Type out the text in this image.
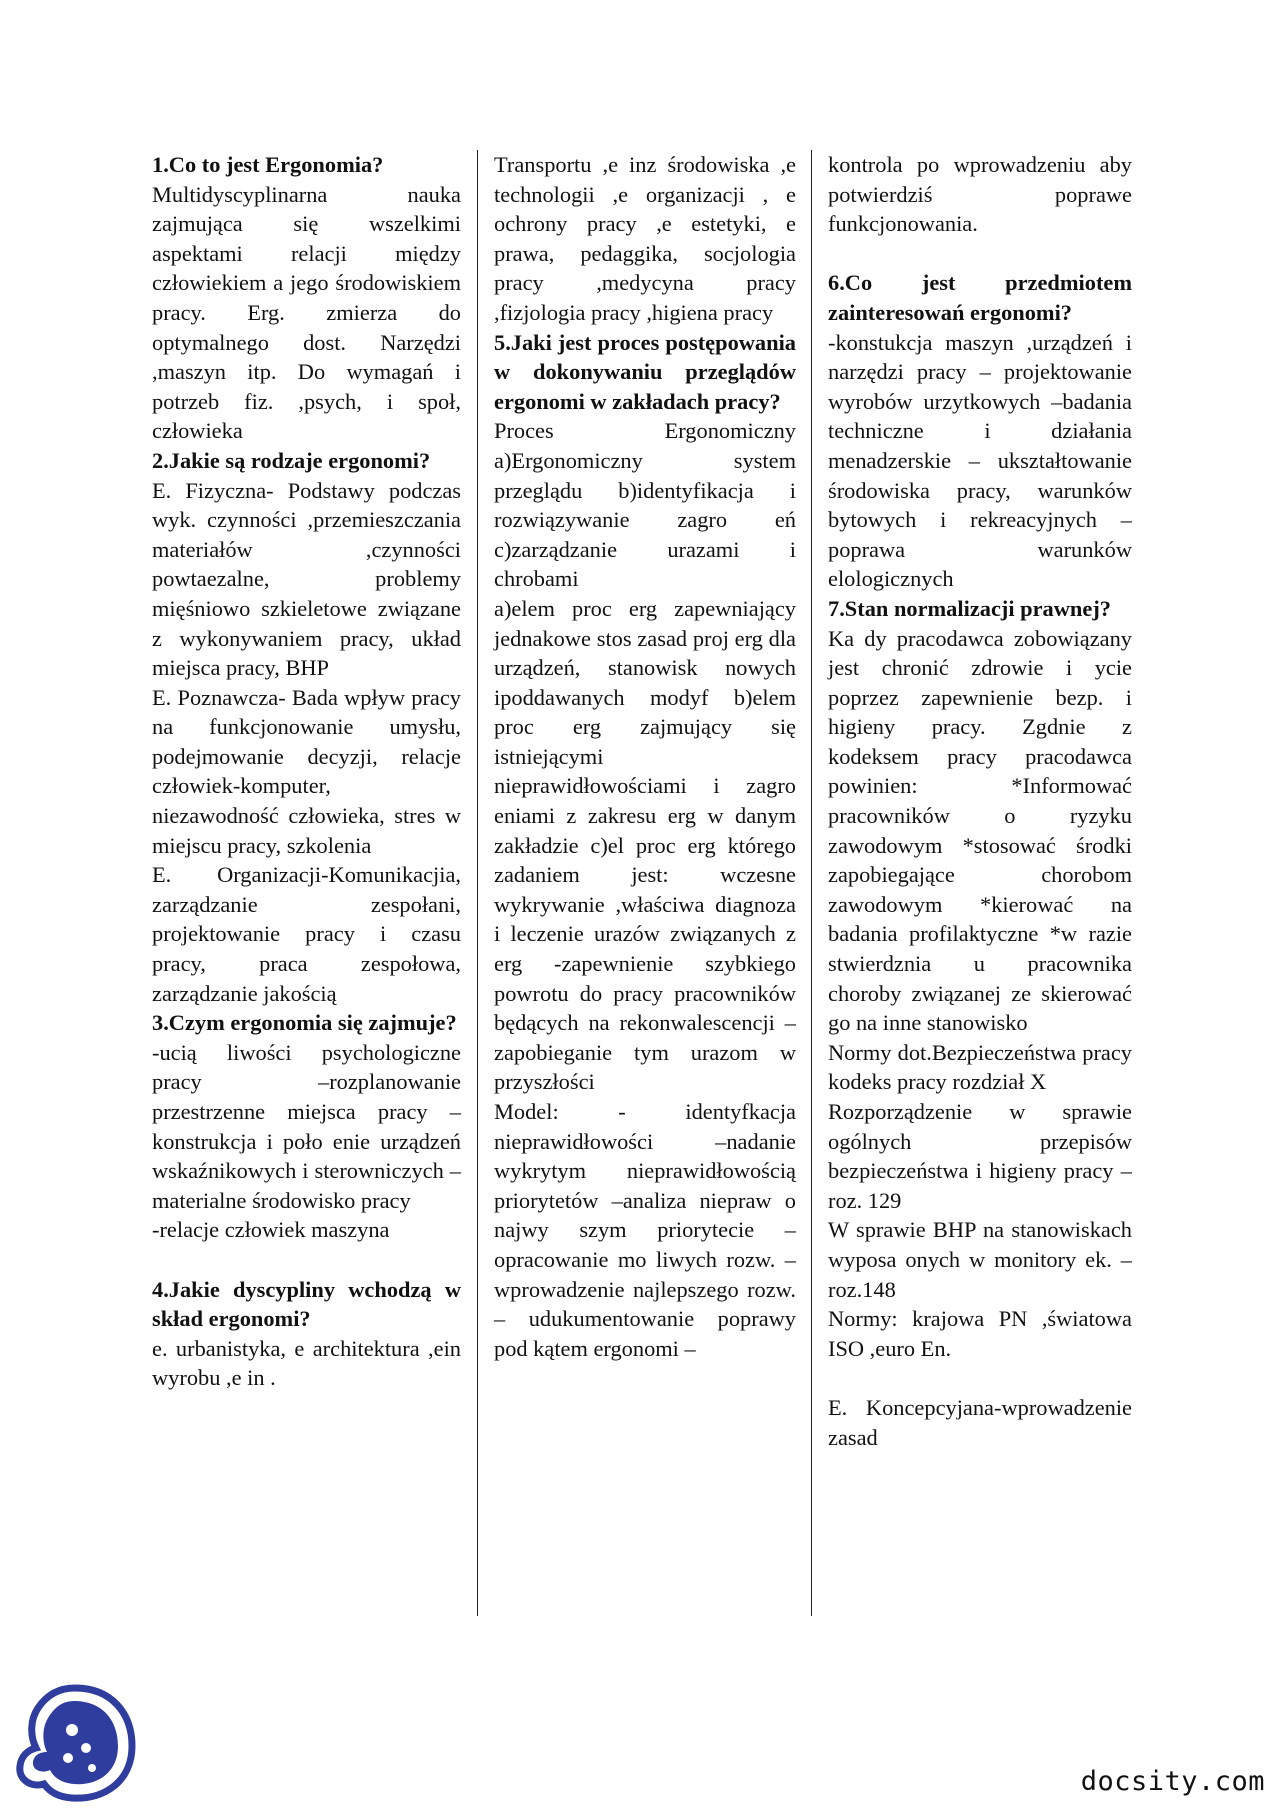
1.Co to jest Ergonomia?

Multidyscyplinarna nauka zajmująca się wszelkimi aspektami relacji między człowiekiem a jego środowiskiem pracy. Erg. zmierza do optymalnego dost. Narzędzi ,maszyn itp. Do wymagań i potrzeb fiz. ,psych, i społ, człowieka

2.Jakie są rodzaje ergonomi?

E. Fizyczna- Podstawy podczas wyk. czynności ,przemieszczania materiałów ,czynności powtaezalne, problemy mięśniowo szkieletowe związane z wykonywaniem pracy, układ miejsca pracy, BHP

E. Poznawcza- Bada wpływ pracy na funkcjonowanie umysłu, podejmowanie decyzji, relacje człowiek-komputer, niezawodność człowieka, stres w miejscu pracy, szkolenia

E. Organizacji-Komunikacjia, zarządzanie zespołani, projektowanie pracy i czasu pracy, praca zespołowa, zarządzanie jakością

3.Czym ergonomia się zajmuje?

-ucią liwości psychologiczne pracy –rozplanowanie przestrzenne miejsca pracy – konstrukcja i poło enie urządzeń wskaźnikowych i sterowniczych –materialne środowisko pracy

-relacje człowiek maszyna

4.Jakie dyscypliny wchodzą w skład ergonomi?

e. urbanistyka, e architektura ,ein wyrobu ,e in .

Transportu ,e inz środowiska ,e technologii ,e organizacji , e ochrony pracy ,e estetyki, e prawa, pedaggika, socjologia pracy ,medycyna pracy ,fizjologia pracy ,higiena pracy

5.Jaki jest proces postępowania w dokonywaniu przeglądów ergonomi w zakładach pracy?

Proces Ergonomiczny a)Ergonomiczny system przeglądu b)identyfikacja i rozwiązywanie zagro eń c)zarządzanie urazami i chrobami

a)elem proc erg zapewniający jednakowe stos zasad proj erg dla urządzeń, stanowisk nowych ipoddawanych modyf b)elem proc erg zajmujący się istniejącymi nieprawidłowościami i zagro eniami z zakresu erg w danym zakładzie c)el proc erg którego zadaniem jest: wczesne wykrywanie ,właściwa diagnoza i leczenie urazów związanych z erg -zapewnienie szybkiego powrotu do pracy pracowników będących na rekonwalescencji – zapobieganie tym urazom w przyszłości

Model: - identyfkacja nieprawidłowości –nadanie wykrytym nieprawidłowością priorytetów –analiza niepraw o najwy szym priorytecie – opracowanie mo liwych rozw. –wprowadzenie najlepszego rozw. – udukumentowanie poprawy pod kątem ergonomi –

kontrola po wprowadzeniu aby potwierdziś poprawe funkcjonowania.

6.Co jest przedmiotem zainteresowań ergonomi?

-konstukcja maszyn ,urządzeń i narzędzi pracy – projektowanie wyrobów urzytkowych –badania techniczne i działania menadzerskie – ukształtowanie środowiska pracy, warunków bytowych i rekreacyjnych –poprawa warunków elologicznych

7.Stan normalizacji prawnej?

Ka dy pracodawca zobowiązany jest chronić zdrowie i ycie poprzez zapewnienie bezp. i higieny pracy. Zgdnie z kodeksem pracy pracodawca powinien: *Informować pracowników o ryzyku zawodowym *stosować środki zapobiegające chorobom zawodowym *kierować na badania profilaktyczne *w razie stwierdznia u pracownika choroby związanej ze skierować go na inne stanowisko

Normy dot.Bezpieczeństwa pracy kodeks pracy rozdział X

Rozporządzenie w sprawie ogólnych przepisów bezpieczeństwa i higieny pracy –roz. 129

W sprawie BHP na stanowiskach wyposa onych w monitory ek. –roz.148

Normy: krajowa PN ,światowa ISO ,euro En.

E. Koncepcyjana-wprowadzenie zasad

docsity.com
